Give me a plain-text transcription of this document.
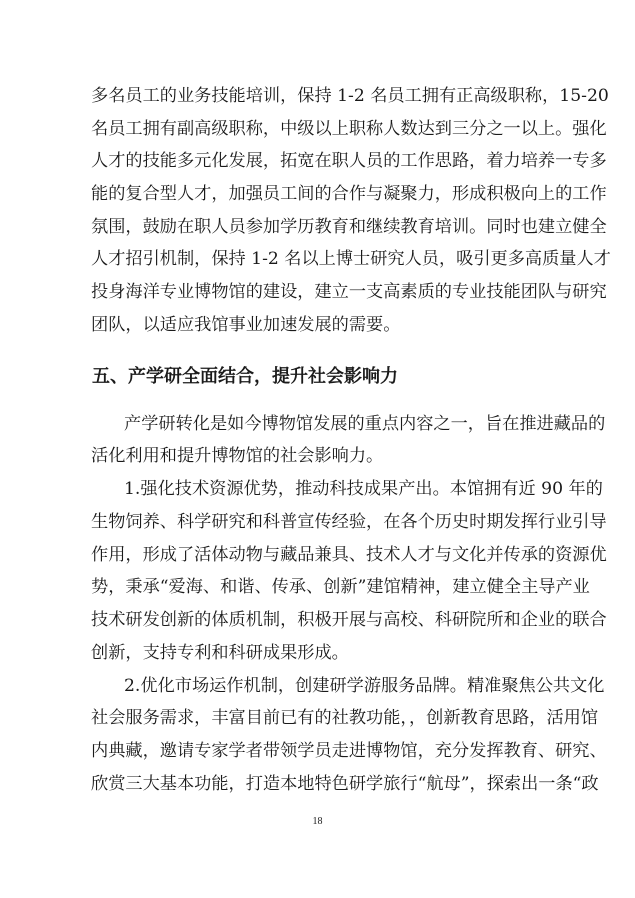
多名员工的业务技能培训，保持 1-2 名员工拥有正高级职称，15-20
名员工拥有副高级职称，中级以上职称人数达到三分之一以上。强化
人才的技能多元化发展，拓宽在职人员的工作思路，着力培养一专多
能的复合型人才，加强员工间的合作与凝聚力，形成积极向上的工作
氛围，鼓励在职人员参加学历教育和继续教育培训。同时也建立健全
人才招引机制，保持 1-2 名以上博士研究人员，吸引更多高质量人才
投身海洋专业博物馆的建设，建立一支高素质的专业技能团队与研究
团队，以适应我馆事业加速发展的需要。
五、产学研全面结合，提升社会影响力
产学研转化是如今博物馆发展的重点内容之一，旨在推进藏品的
活化利用和提升博物馆的社会影响力。
1.强化技术资源优势，推动科技成果产出。本馆拥有近 90 年的
生物饲养、科学研究和科普宣传经验，在各个历史时期发挥行业引导
作用，形成了活体动物与藏品兼具、技术人才与文化并传承的资源优
势，秉承“爱海、和谐、传承、创新”建馆精神，建立健全主导产业
技术研发创新的体质机制，积极开展与高校、科研院所和企业的联合
创新，支持专利和科研成果形成。
2.优化市场运作机制，创建研学游服务品牌。精准聚焦公共文化
社会服务需求，丰富目前已有的社教功能，，创新教育思路，活用馆
内典藏，邀请专家学者带领学员走进博物馆，充分发挥教育、研究、
欣赏三大基本功能，打造本地特色研学旅行“航母”，探索出一条“政
18
